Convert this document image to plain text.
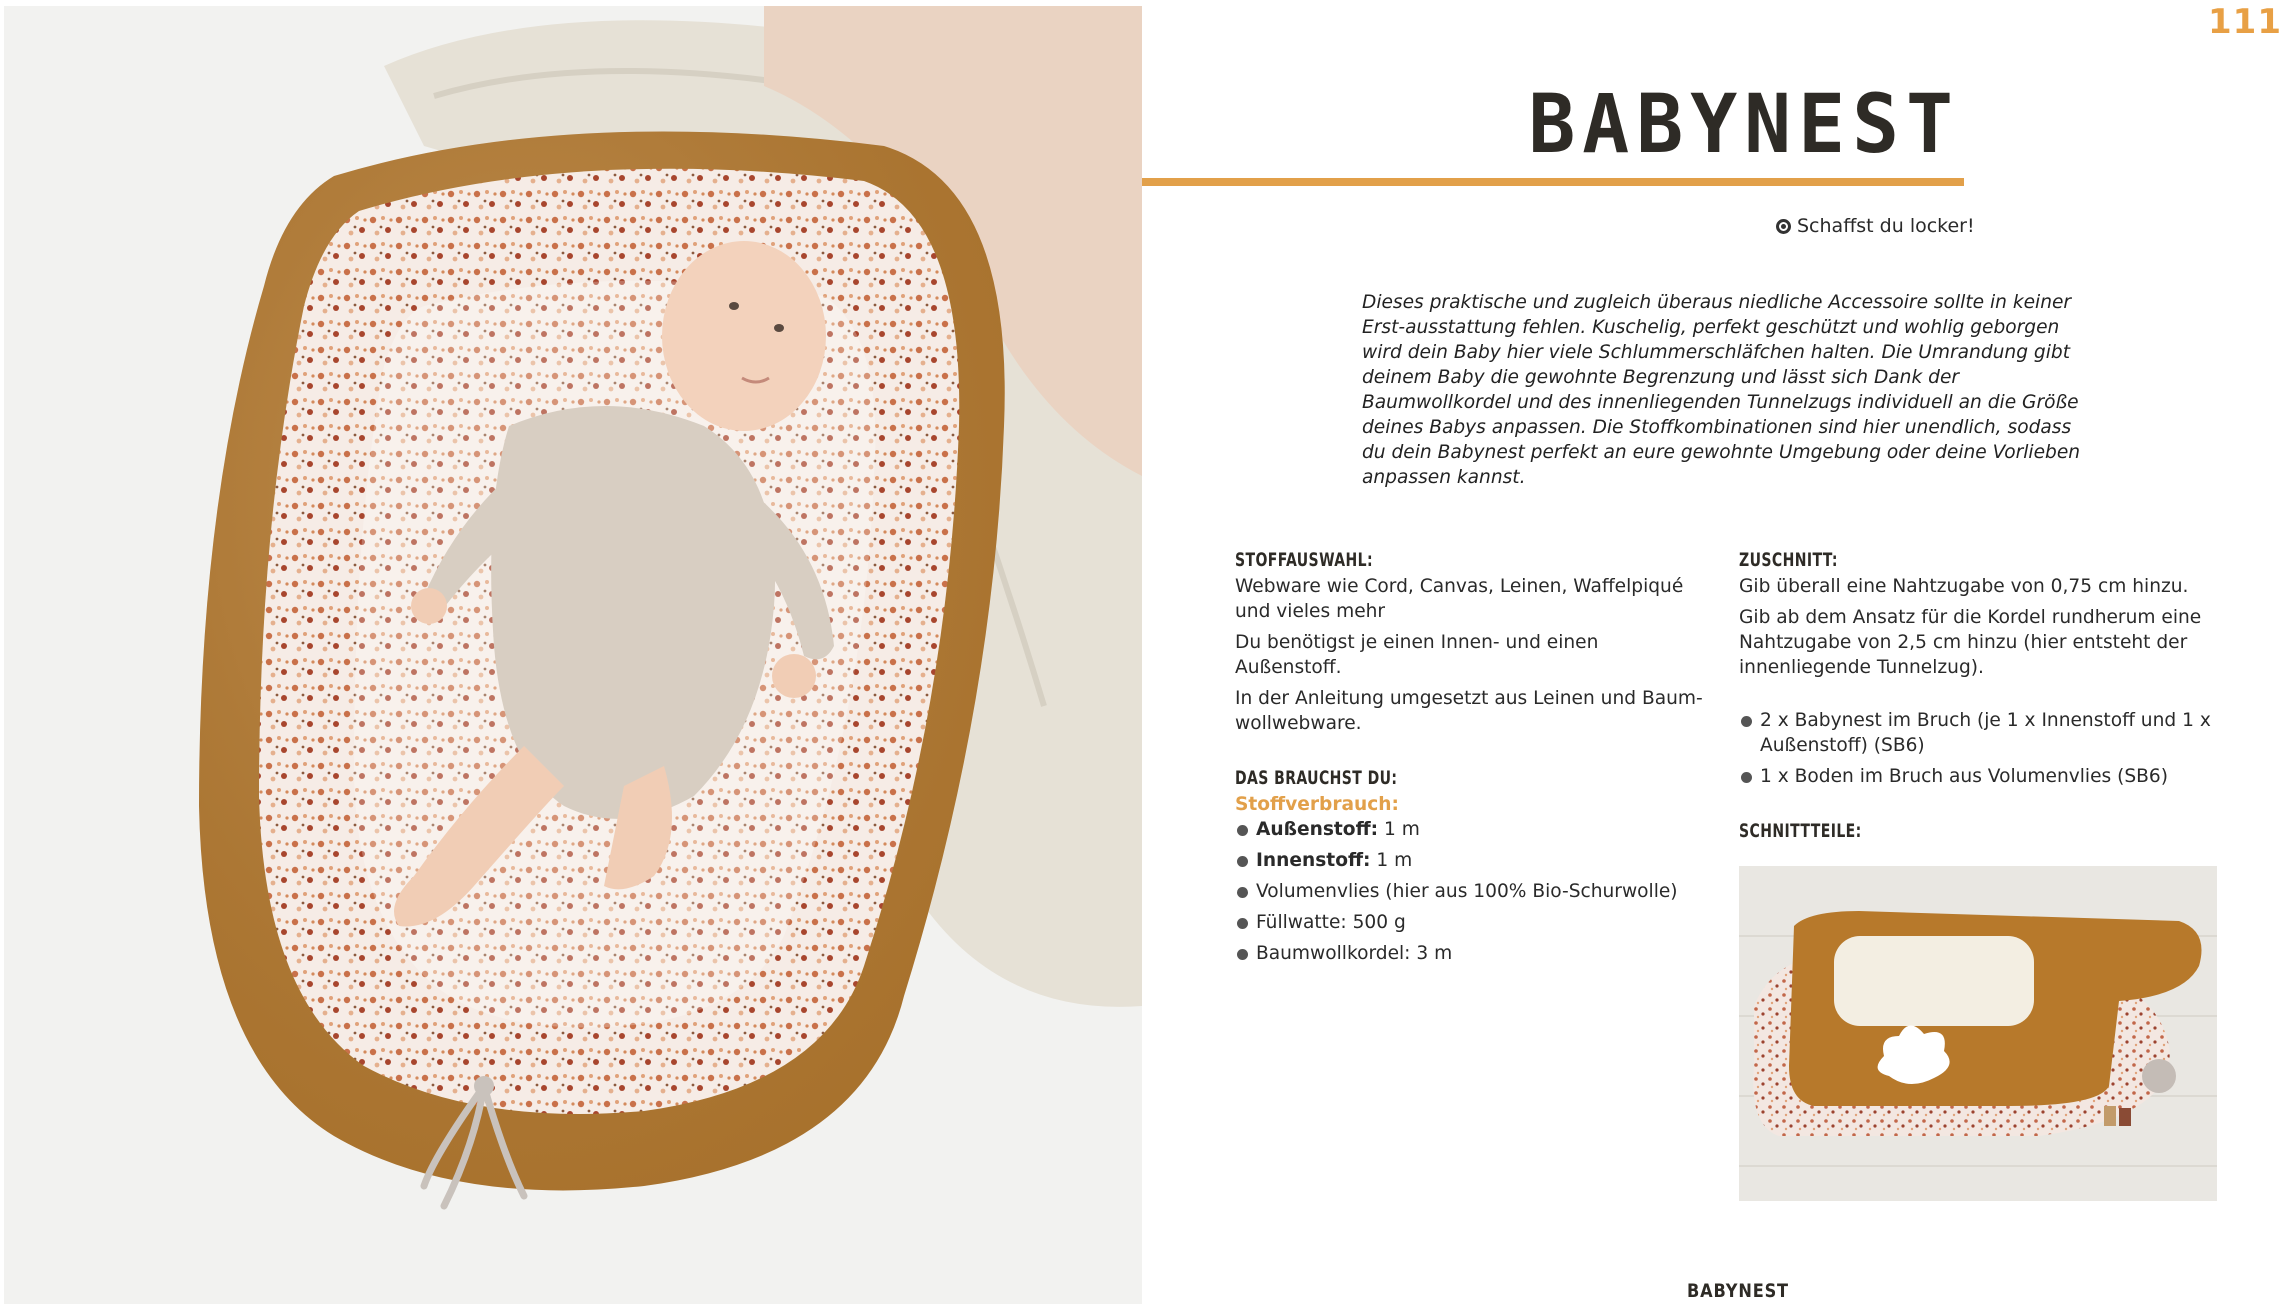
111
BABYNEST
Schaffst du locker!

Dieses praktische und zugleich überaus niedliche Accessoire sollte in keiner Erst-ausstattung fehlen. Kuschelig, perfekt geschützt und wohlig geborgen wird dein Baby hier viele Schlummerschläfchen halten. Die Umrandung gibt deinem Baby die gewohnte Begrenzung und lässt sich Dank der Baumwollkordel und des innenliegenden Tunnelzugs individuell an die Größe deines Babys anpassen. Die Stoffkombinationen sind hier unendlich, sodass du dein Babynest perfekt an eure gewohnte Umgebung oder deine Vorlieben anpassen kannst.

STOFFAUSWAHL:

Webware wie Cord, Canvas, Leinen, Waffelpiqué und vieles mehr

Du benötigst je einen Innen- und einen Außenstoff.

In der Anleitung umgesetzt aus Leinen und Baum-wollwebware.

DAS BRAUCHST DU:

Stoffverbrauch:

Außenstoff: 1 m
Innenstoff: 1 m
Volumenvlies (hier aus 100% Bio-Schurwolle)
Füllwatte: 500 g
Baumwollkordel: 3 m
ZUSCHNITT:

Gib überall eine Nahtzugabe von 0,75 cm hinzu.

Gib ab dem Ansatz für die Kordel rundherum eine Nahtzugabe von 2,5 cm hinzu (hier entsteht der innenliegende Tunnelzug).

2 x Babynest im Bruch (je 1 x Innenstoff und 1 x Außenstoff) (SB6)
1 x Boden im Bruch aus Volumenvlies (SB6)
SCHNITTTEILE:
BABYNEST
